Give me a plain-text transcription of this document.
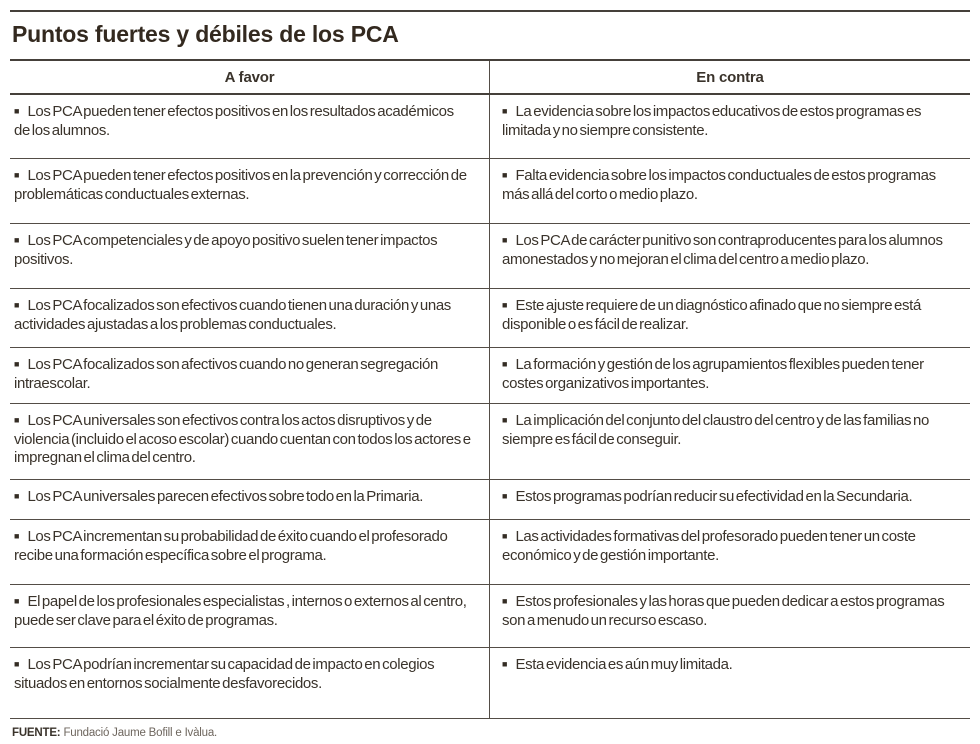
Puntos fuertes y débiles de los PCA
A favor	En contra
■ Los PCA pueden tener efectos positivos en los resultados académicos de los alumnos.
■ La evidencia sobre los impactos educativos de estos programas es limitada y no siempre consistente.
■ Los PCA pueden tener efectos positivos en la prevención y corrección de problemáticas conductuales externas.
■ Falta evidencia sobre los impactos conductuales de estos programas más allá del corto o medio plazo.
■ Los PCA competenciales y de apoyo positivo suelen tener impactos positivos.
■ Los PCA de carácter punitivo son contraproducentes para los alumnos amonestados y no mejoran el clima del centro a medio plazo.
■ Los PCA focalizados son efectivos cuando tienen una duración y unas actividades ajustadas a los problemas conductuales.
■ Este ajuste requiere de un diagnóstico afinado que no siempre está disponible o es fácil de realizar.
■ Los PCA focalizados son afectivos cuando no generan segregación intraescolar.
■ La formación y gestión de los agrupamientos flexibles pueden tener costes organizativos importantes.
■ Los PCA universales son efectivos contra los actos disruptivos y de violencia (incluido el acoso escolar) cuando cuentan con todos los actores e impregnan el clima del centro.
■ La implicación del conjunto del claustro del centro y de las familias no siempre es fácil de conseguir.
■ Los PCA universales parecen efectivos sobre todo en la Primaria.	■ Estos programas podrían reducir su efectividad en la Secundaria.
■ Los PCA incrementan su probabilidad de éxito cuando el profesorado recibe una formación específica sobre el programa.
■ Las actividades formativas del profesorado pueden tener un coste económico y de gestión importante.
■ El papel de los profesionales especialistas , internos o externos al centro, puede ser clave para el éxito de programas.
■ Estos profesionales y las horas que pueden dedicar a estos programas son a menudo un recurso escaso.
■ Los PCA podrían incrementar su capacidad de impacto en colegios situados en entornos socialmente desfavorecidos.
■ Esta evidencia es aún muy limitada.
FUENTE: Fundació Jaume Bofill e Ivàlua.
